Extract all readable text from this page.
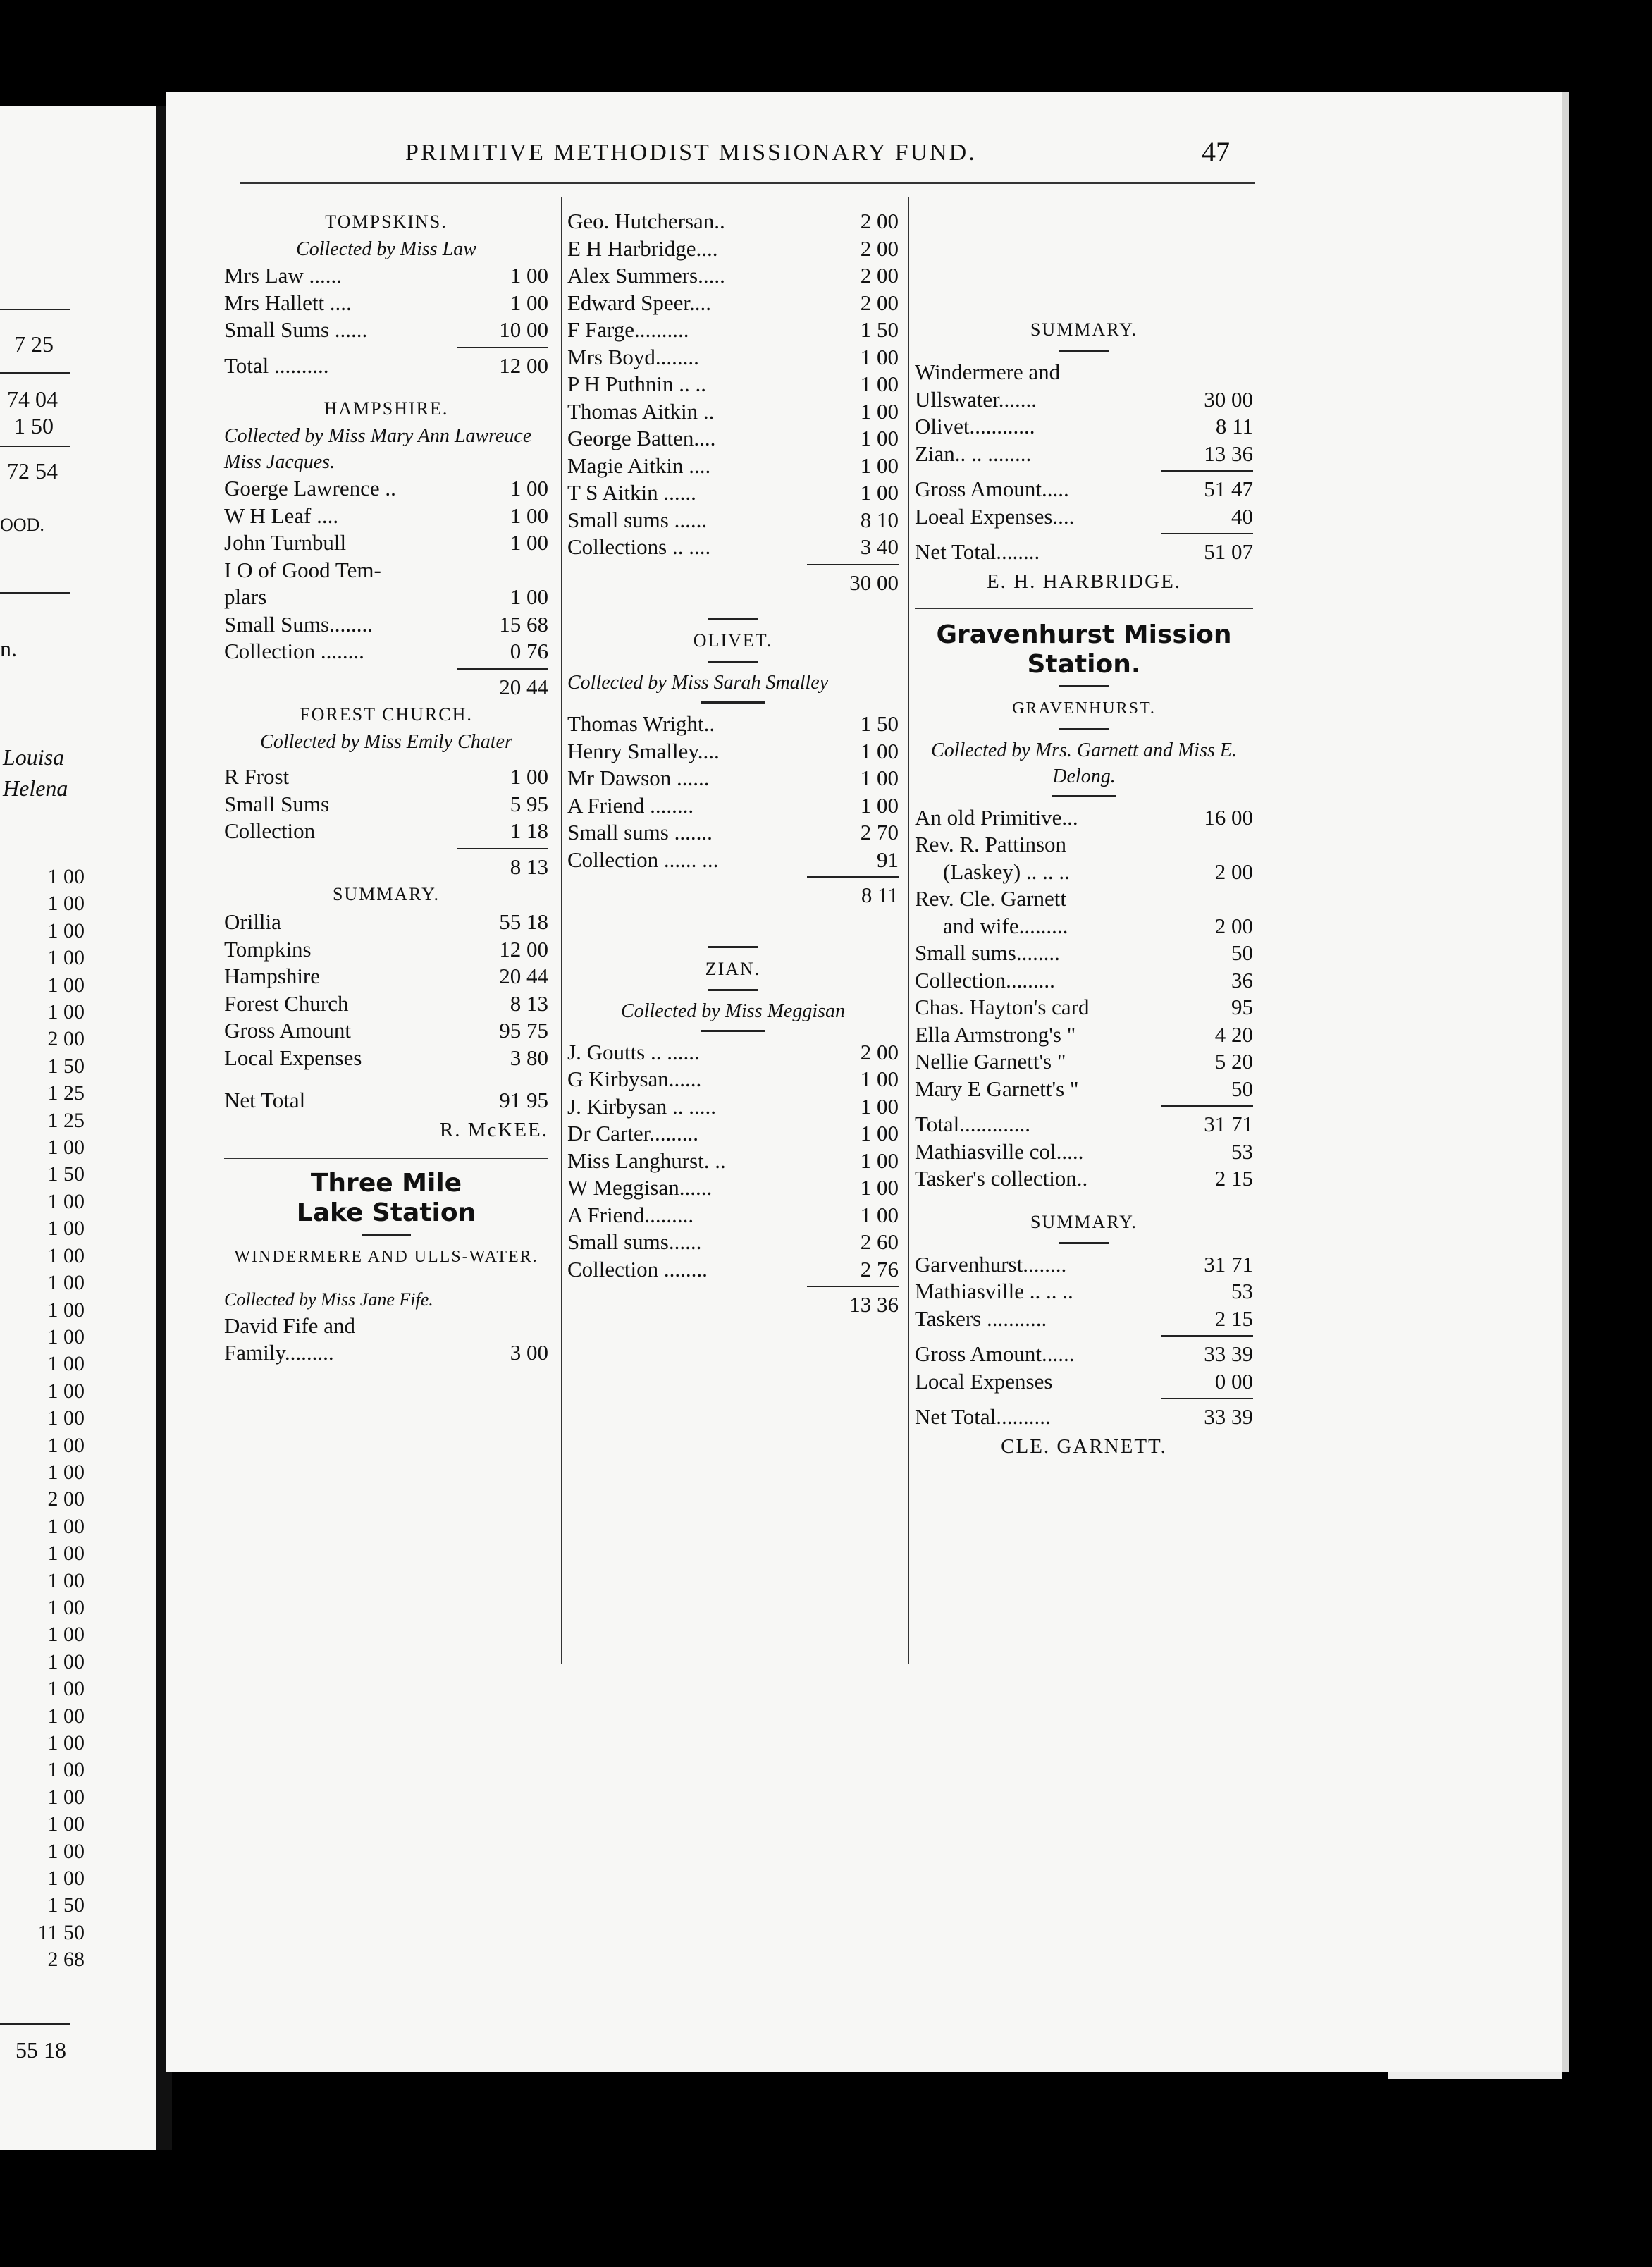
7 25
74 04
1 50
72 54
OOD.
n.
Louisa
Helena
1 00
1 00
1 00
1 00
1 00
1 00
2 00
1 50
1 25
1 25
1 00
1 50
1 00
1 00
1 00
1 00
1 00
1 00
1 00
1 00
1 00
1 00
1 00
2 00
1 00
1 00
1 00
1 00
1 00
1 00
1 00
1 00
1 00
1 00
1 00
1 00
1 00
1 00
1 50
11 50
2 68
55 18
PRIMITIVE METHODIST MISSIONARY FUND.	47
TOMPSKINS.
Collected by Miss Law
Mrs Law ......	1 00
Mrs Hallett ....	1 00
Small Sums ......	10 00
Total ..........	12 00
HAMPSHIRE.
Collected by Miss Mary Ann Lawreuce Miss Jacques.
Goerge Lawrence ..	1 00
W H Leaf ....	1 00
John Turnbull	1 00
I O of Good Tem-
plars	1 00
Small Sums........	15 68
Collection ........	0 76
20 44
FOREST CHURCH.
Collected by Miss Emily Chater
R Frost	1 00
Small Sums	5 95
Collection	1 18
8 13
SUMMARY.
Orillia	55 18
Tompkins	12 00
Hampshire	20 44
Forest Church	8 13
Gross Amount	95 75
Local Expenses	3 80
Net Total	91 95
R. McKEE.
Three Mile Lake Station
WINDERMERE AND ULLS-WATER.
Collected by Miss Jane Fife.
David Fife and
Family.........	3 00
Geo. Hutchersan..	2 00
E H Harbridge....	2 00
Alex Summers.....	2 00
Edward Speer....	2 00
F Farge..........	1 50
Mrs Boyd........	1 00
P H Puthnin .. ..	1 00
Thomas Aitkin ..	1 00
George Batten....	1 00
Magie Aitkin ....	1 00
T S Aitkin ......	1 00
Small sums ......	8 10
Collections .. ....	3 40
30 00
OLIVET.
Collected by Miss Sarah Smalley
Thomas Wright..	1 50
Henry Smalley....	1 00
Mr Dawson ......	1 00
A Friend ........	1 00
Small sums .......	2 70
Collection ...... ...	91
8 11
ZIAN.
Collected by Miss Meggisan
J. Goutts .. ......	2 00
G Kirbysan......	1 00
J. Kirbysan .. .....	1 00
Dr Carter.........	1 00
Miss Langhurst. ..	1 00
W Meggisan......	1 00
A Friend.........	1 00
Small sums......	2 60
Collection ........	2 76
13 36
SUMMARY.
Windermere and
Ullswater.......	30 00
Olivet............	8 11
Zian.. .. ........	13 36
Gross Amount.....	51 47
Loeal Expenses....	40
Net Total........	51 07
E. H. HARBRIDGE.
Gravenhurst Mission Station.
GRAVENHURST.
Collected by Mrs. Garnett and Miss E. Delong.
An old Primitive...	16 00
Rev. R. Pattinson
(Laskey) .. .. ..	2 00
Rev. Cle. Garnett
and wife.........	2 00
Small sums........	50
Collection.........	36
Chas. Hayton's card	95
Ella Armstrong's "	4 20
Nellie Garnett's "	5 20
Mary E Garnett's "	50
Total.............	31 71
Mathiasville col.....	53
Tasker's collection..	2 15
SUMMARY.
Garvenhurst........	31 71
Mathiasville .. .. ..	53
Taskers ...........	2 15
Gross Amount......	33 39
Local Expenses	0 00
Net Total..........	33 39
CLE. GARNETT.
